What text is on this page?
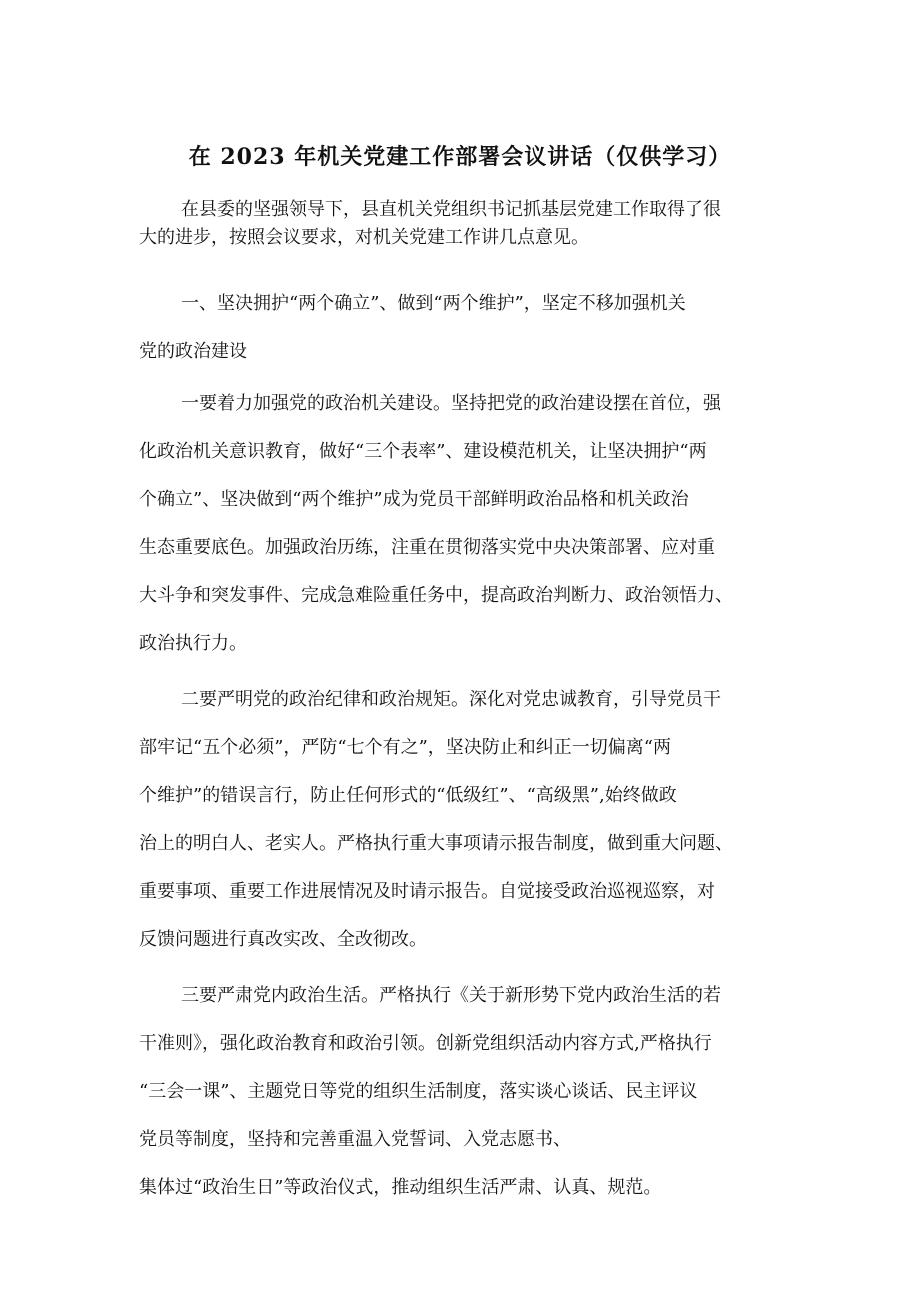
在 2023 年机关党建工作部署会议讲话（仅供学习）
在县委的坚强领导下，县直机关党组织书记抓基层党建工作取得了很
大的进步，按照会议要求，对机关党建工作讲几点意见。
一、坚决拥护“两个确立”、做到“两个维护”，坚定不移加强机关
党的政治建设
一要着力加强党的政治机关建设。坚持把党的政治建设摆在首位，强
化政治机关意识教育，做好“三个表率”、建设模范机关，让坚决拥护“两
个确立”、坚决做到“两个维护”成为党员干部鲜明政治品格和机关政治
生态重要底色。加强政治历练，注重在贯彻落实党中央决策部署、应对重
大斗争和突发事件、完成急难险重任务中，提高政治判断力、政治领悟力、
政治执行力。
二要严明党的政治纪律和政治规矩。深化对党忠诚教育，引导党员干
部牢记“五个必须”，严防“七个有之”，坚决防止和纠正一切偏离“两
个维护”的错误言行，防止任何形式的“低级红”、“高级黑”,始终做政
治上的明白人、老实人。严格执行重大事项请示报告制度，做到重大问题、
重要事项、重要工作进展情况及时请示报告。自觉接受政治巡视巡察，对
反馈问题进行真改实改、全改彻改。
三要严肃党内政治生活。严格执行《关于新形势下党内政治生活的若
干准则》，强化政治教育和政治引领。创新党组织活动内容方式,严格执行
“三会一课”、主题党日等党的组织生活制度，落实谈心谈话、民主评议
党员等制度，坚持和完善重温入党誓词、入党志愿书、
集体过“政治生日”等政治仪式，推动组织生活严肃、认真、规范。
